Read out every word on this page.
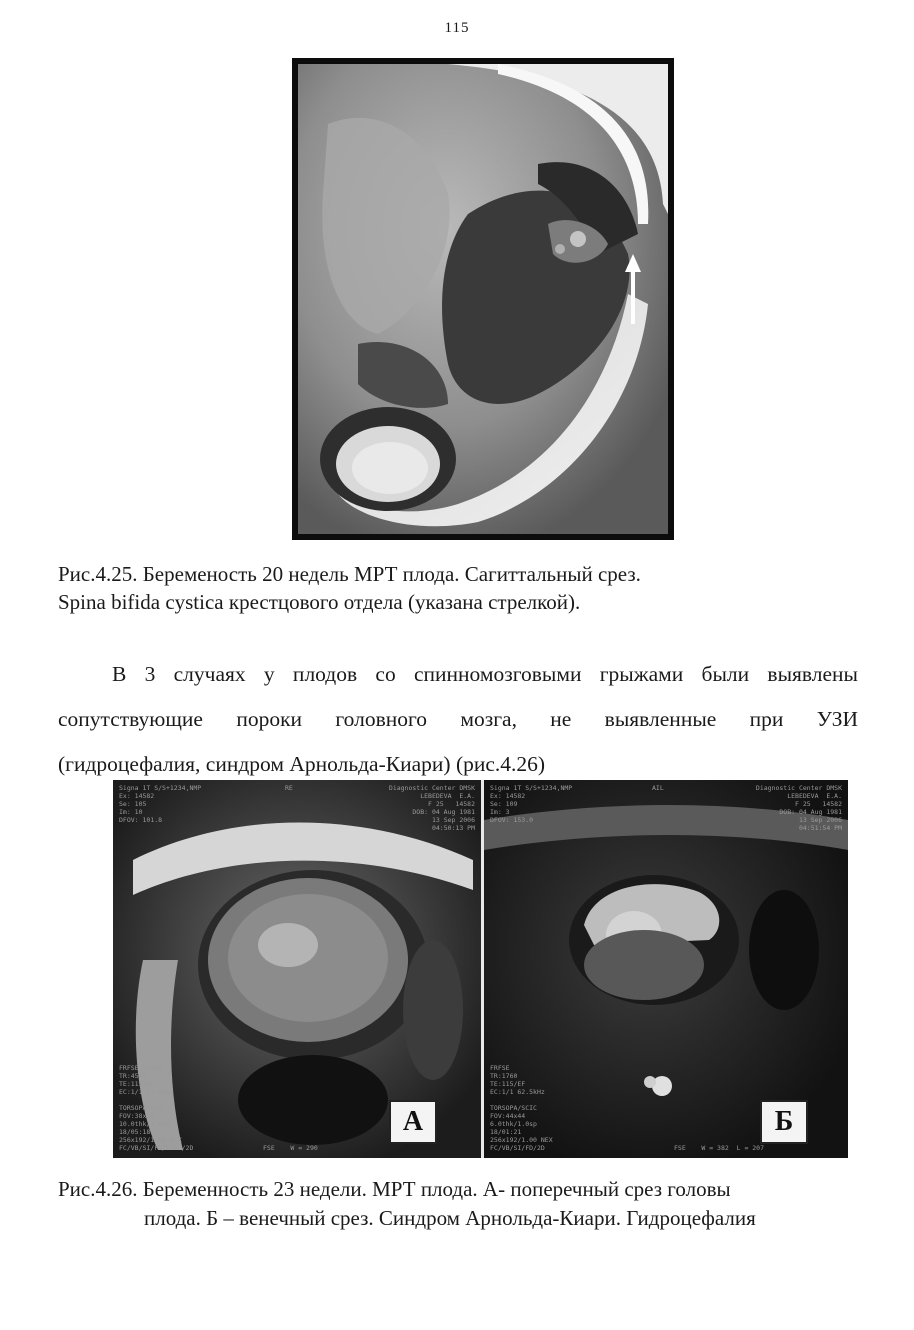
115
Рис.4.25. Беременость 20 недель МРТ плода. Сагиттальный срез.
Spina bifida cystica крестцового отдела (указана стрелкой).
В 3 случаях у плодов со спинномозговыми грыжами были выявлены
сопутствующие пороки головного мозга, не выявленные при УЗИ
(гидроцефалия, синдром Арнольда-Киари) (рис.4.26)
Signa 1T S/S+1234,NMP
Ex: 14582
Se: 105
Im: 10
DFOV: 101.8
RE	Diagnostic Center DMSK
LEBEDEVA  E.A.
F 25   14582
DOB: 04 Aug 1981
13 Sep 2006
04:50:13 PM
FRFSE-XL/90
TR:4500
TE:115/EF
EC:1/1 31.2kHz

TORSOPA/SCIC
FOV:38x38
10.0thk/1.0sp
18/05:18
256x192/1.00 NEX
FC/VB/SI/FD/FFBP/2D	FSE    W = 290
А
Signa 1T S/S+1234,NMP
Ex: 14582
Se: 109
Im: 3
DFOV: 153.0
AIL	Diagnostic Center DMSK
LEBEDEVA  E.A.
F 25   14582
DOB: 04 Aug 1981
13 Sep 2006
04:51:54 PM
FRFSE
TR:1760
TE:115/EF
EC:1/1 62.5kHz

TORSOPA/SCIC
FOV:44x44
6.0thk/1.0sp
18/01:21
256x192/1.00 NEX
FC/VB/SI/FD/2D	FSE    W = 382  L = 207
Б
Рис.4.26. Беременность 23 недели. МРТ плода. А- поперечный срез головы
плода. Б – венечный срез. Синдром Арнольда-Киари. Гидроцефалия
